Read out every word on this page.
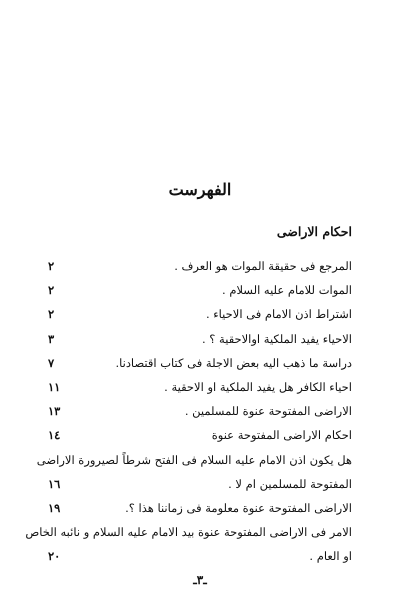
الفهرست
احكام الاراضى
المرجع فى حقيقة الموات هو العرف .
٢
الموات للامام عليه السلام .
٢
اشتراط اذن الامام فى الاحياء .
٢
الاحياء يفيد الملكية اوالاحقية ؟ .
٣
دراسة ما ذهب اليه بعض الاجلة فى كتاب اقتصادنا.
٧
احياء الكافر هل يفيد الملكية او الاحقية .
١١
الاراضى المفتوحة عنوة للمسلمين .
١٣
احكام الاراضى المفتوحة عنوة
١٤
هل يكون اذن الامام عليه السلام فى الفتح شرطاً لصيرورة الاراضى
المفتوحة للمسلمين ام لا .
١٦
الاراضى المفتوحة عنوة معلومة فى زماننا هذا ؟.
١٩
الامر فى الاراضى المفتوحة عنوة بيد الامام عليه السلام و نائبه الخاص
او العام .
٢٠
ـ٣ـ
